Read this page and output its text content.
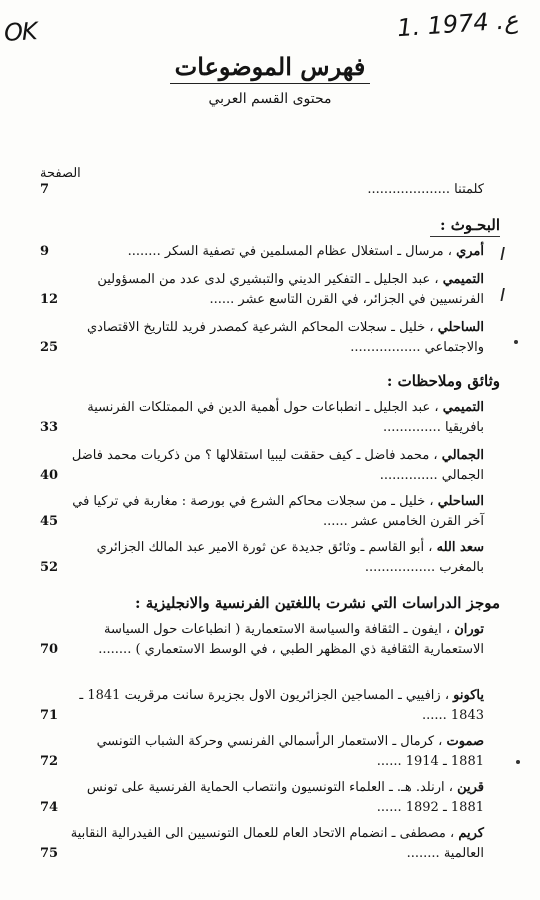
OK	1. ع. 1974
فهرس الموضوعات
محتوى القسم العربي
الصفحة
كلمتنا ....................
7
البحـوث :
أمري ، مرسال ـ استغلال عظام المسلمين في تصفية السكر ........
9	I
التميمي ، عبد الجليل ـ التفكير الديني والتبشيري لدى عدد من المسؤولين الفرنسيين في الجزائر، في القرن التاسع عشر ......
12	I
الساحلي ، خليل ـ سجلات المحاكم الشرعية كمصدر فريد للتاريخ الاقتصادي والاجتماعي .................
25
وثائق وملاحظات :
التميمي ، عبد الجليل ـ انطباعات حول أهمية الدين في الممتلكات الفرنسية بافريقيا ..............
33
الجمالي ، محمد فاضل ـ كيف حققت ليبيا استقلالها ؟ من ذكريات محمد فاضل الجمالي ..............
40
الساحلي ، خليل ـ من سجلات محاكم الشرع في بورصة : مغاربة في تركيا في آخر القرن الخامس عشر ......
45
سعد الله ، أبو القاسم ـ وثائق جديدة عن ثورة الامير عبد المالك الجزائري بالمغرب .................
52
موجز الدراسات التي نشرت باللغتين الفرنسية والانجليزية :
توران ، ايفون ـ الثقافة والسياسة الاستعمارية ( انطباعات حول السياسة الاستعمارية الثقافية ذي المظهر الطبي ، في الوسط الاستعماري ) ........
70
ياكونو ، زافييي ـ المساجين الجزائريون الاول بجزيرة سانت مرقريت 1841 ـ 1843 ......
71
صموت ، كرمال ـ الاستعمار الرأسمالي الفرنسي وحركة الشباب التونسي 1881 ـ 1914 ......
72
قرين ، ارنلد. هـ. ـ العلماء التونسيون وانتصاب الحماية الفرنسية على تونس 1881 ـ 1892 ......
74
كريم ، مصطفى ـ انضمام الاتحاد العام للعمال التونسيين الى الفيدرالية النقابية العالمية ........
75
